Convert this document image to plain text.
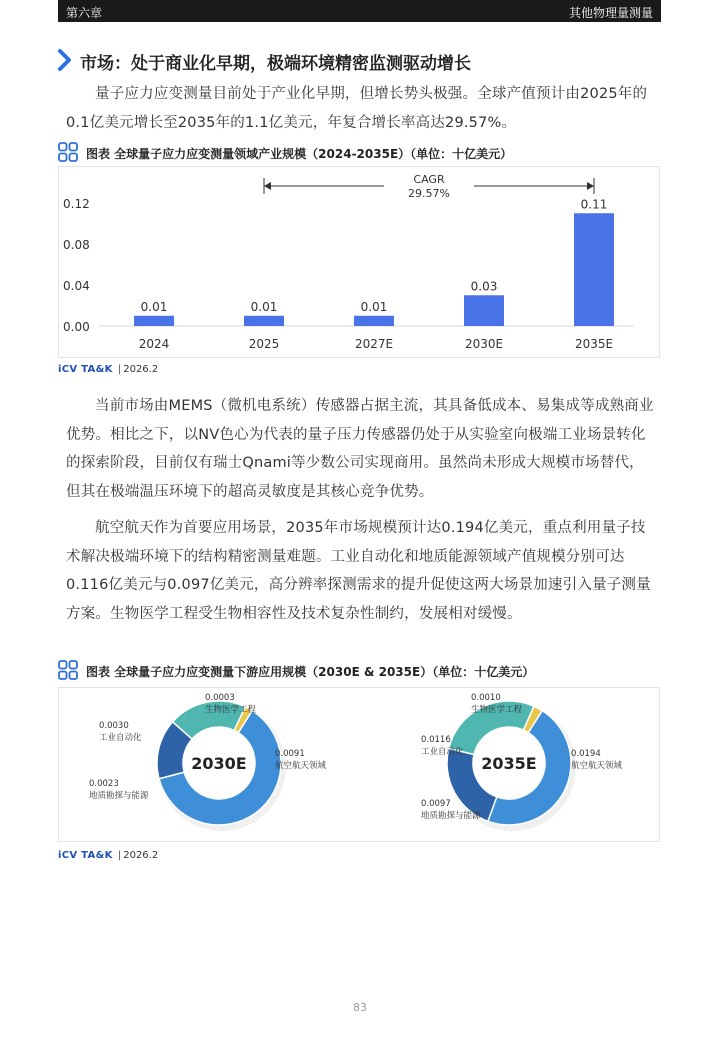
第六章	其他物理量测量
市场：处于商业化早期，极端环境精密监测驱动增长
量子应力应变测量目前处于产业化早期，但增长势头极强。全球产值预计由2025年的0.1亿美元增长至2035年的1.1亿美元，年复合增长率高达29.57%。
图表 全球量子应力应变测量领域产业规模（2024-2035E）（单位：十亿美元）
0.00
0.04
0.08
0.12
0.01
2024
0.01
2025
0.01
2027E
0.03
2030E
0.11
2035E
CAGR
29.57%
iCV TA&K | 2026.2
当前市场由MEMS（微机电系统）传感器占据主流，其具备低成本、易集成等成熟商业优势。相比之下，以NV色心为代表的量子压力传感器仍处于从实验室向极端工业场景转化的探索阶段，目前仅有瑞士Qnami等少数公司实现商用。虽然尚未形成大规模市场替代，但其在极端温压环境下的超高灵敏度是其核心竞争优势。
航空航天作为首要应用场景，2035年市场规模预计达0.194亿美元，重点利用量子技术解决极端环境下的结构精密测量难题。工业自动化和地质能源领域产值规模分别可达0.116亿美元与0.097亿美元，高分辨率探测需求的提升促使这两大场景加速引入量子测量方案。生物医学工程受生物相容性及技术复杂性制约，发展相对缓慢。
图表 全球量子应力应变测量下游应用规模（2030E & 2035E）（单位：十亿美元）
0.0091
航空航天领域
0.0023
地质勘探与能源
0.0030
工业自动化
0.0003
生物医学工程
2030E	0.0194
航空航天领域
0.0097
地质勘探与能源
0.0116
工业自动化
0.0010
生物医学工程
2035E
iCV TA&K | 2026.2
83
